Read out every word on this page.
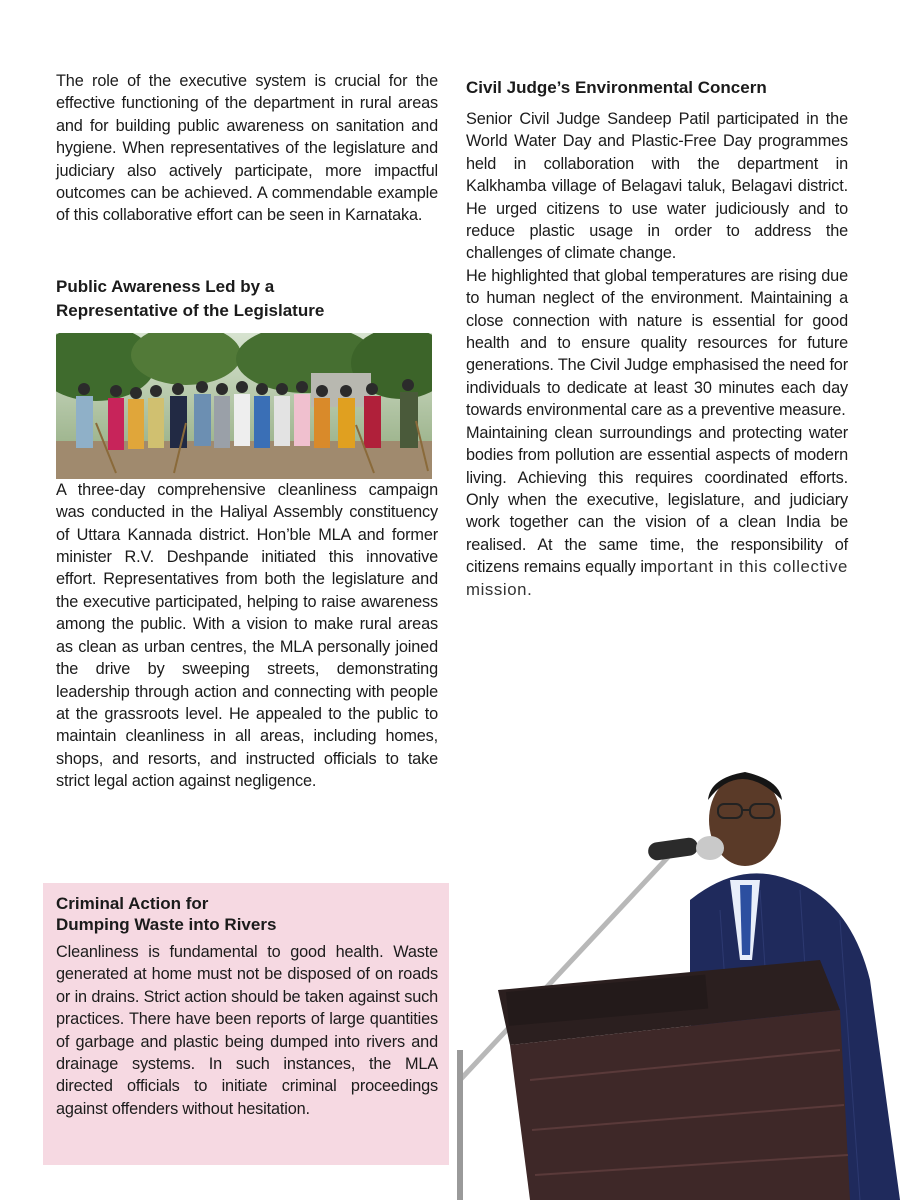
The role of the executive system is crucial for the effective functioning of the department in rural areas and for building public awareness on sanitation and hygiene. When representatives of the legislature and judiciary also actively participate, more impactful outcomes can be achieved. A commendable example of this collaborative effort can be seen in Karnataka.

Public Awareness Led by a
Representative of the Legislature

A three-day comprehensive cleanliness campaign was conducted in the Haliyal Assembly constituency of Uttara Kannada district. Hon’ble MLA and former minister R.V. Deshpande initiated this innovative effort. Representatives from both the legislature and the executive participated, helping to raise awareness among the public. With a vision to make rural areas as clean as urban centres, the MLA personally joined the drive by sweeping streets, demonstrating leadership through action and connecting with people at the grassroots level. He appealed to the public to maintain cleanliness in all areas, including homes, shops, and resorts, and instructed officials to take strict legal action against negligence.

Criminal Action for
Dumping Waste into Rivers

Cleanliness is fundamental to good health. Waste generated at home must not be disposed of on roads or in drains. Strict action should be taken against such practices. There have been reports of large quantities of garbage and plastic being dumped into rivers and drainage systems. In such instances, the MLA directed officials to initiate criminal proceedings against offenders without hesitation.

Civil Judge’s Environmental Concern

Senior Civil Judge Sandeep Patil participated in the World Water Day and Plastic-Free Day programmes held in collaboration with the department in Kalkhamba village of Belagavi taluk, Belagavi district. He urged citizens to use water judiciously and to reduce plastic usage in order to address the challenges of climate change.

He highlighted that global temperatures are rising due to human neglect of the environment. Maintaining a close connection with nature is essential for good health and to ensure quality resources for future generations. The Civil Judge emphasised the need for individuals to dedicate at least 30 minutes each day towards environmental care as a preventive measure.

Maintaining clean surroundings and protecting water bodies from pollution are essential aspects of modern living. Achieving this requires coordinated efforts. Only when the executive, legislature, and judiciary work together can the vision of a clean India be realised. At the same time, the responsibility of citizens remains equally important in this collective mission.
